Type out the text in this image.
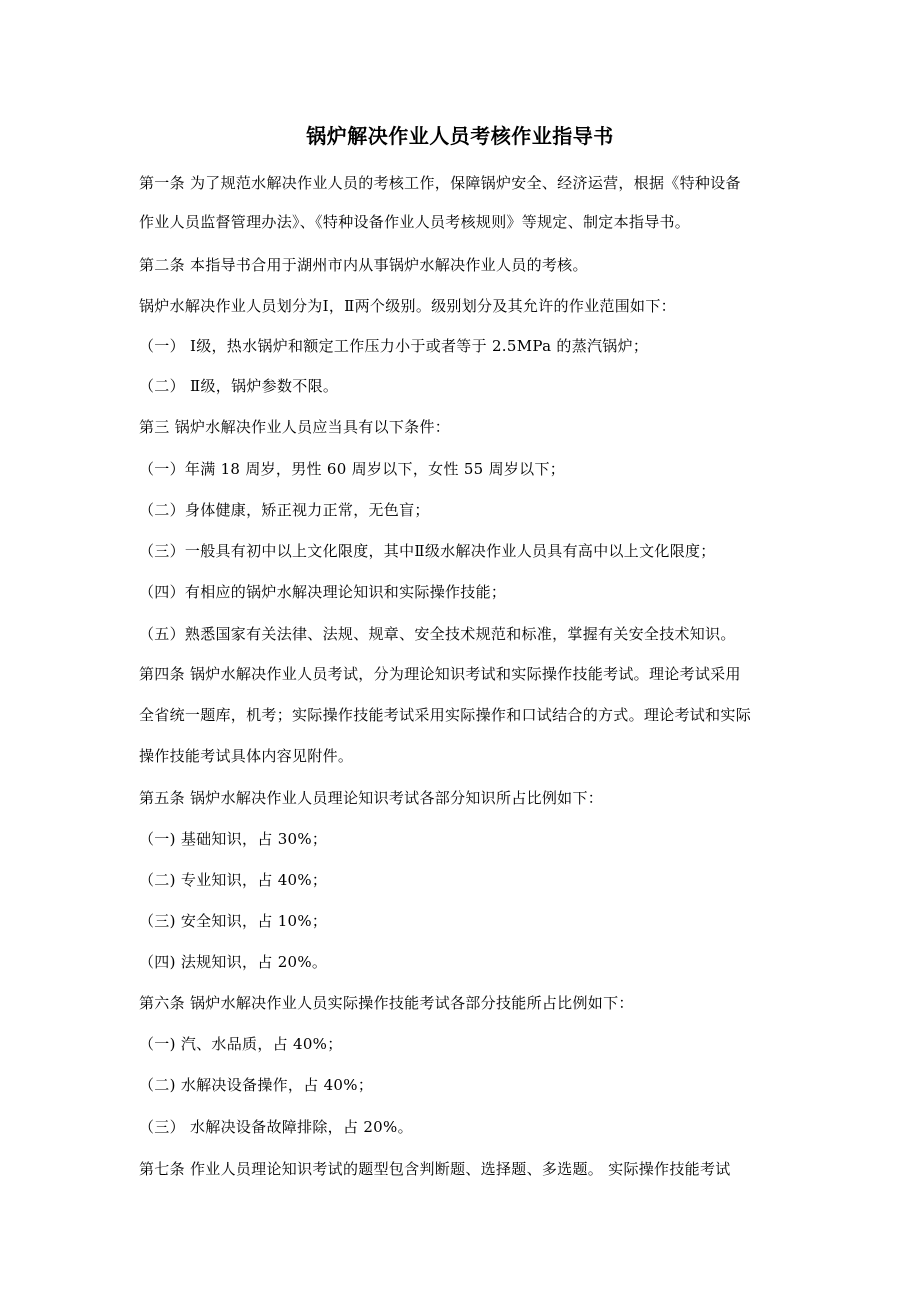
锅炉解决作业人员考核作业指导书
第一条 为了规范水解决作业人员的考核工作，保障锅炉安全、经济运营，根据《特种设备
作业人员监督管理办法》、《特种设备作业人员考核规则》等规定、制定本指导书。
第二条 本指导书合用于湖州市内从事锅炉水解决作业人员的考核。
锅炉水解决作业人员划分为Ⅰ，Ⅱ两个级别。级别划分及其允许的作业范围如下：
（一） Ⅰ级，热水锅炉和额定工作压力小于或者等于 2.5MPa 的蒸汽锅炉；
（二） Ⅱ级，锅炉参数不限。
第三 锅炉水解决作业人员应当具有以下条件：
（一）年满 18 周岁，男性 60 周岁以下，女性 55 周岁以下；
（二）身体健康，矫正视力正常，无色盲；
（三）一般具有初中以上文化限度，其中Ⅱ级水解决作业人员具有高中以上文化限度；
（四）有相应的锅炉水解决理论知识和实际操作技能；
（五）熟悉国家有关法律、法规、规章、安全技术规范和标准，掌握有关安全技术知识。
第四条 锅炉水解决作业人员考试，分为理论知识考试和实际操作技能考试。理论考试采用
全省统一题库，机考；实际操作技能考试采用实际操作和口试结合的方式。理论考试和实际
操作技能考试具体内容见附件。
第五条 锅炉水解决作业人员理论知识考试各部分知识所占比例如下：
（一) 基础知识，占 30%；
（二) 专业知识，占 40%；
（三) 安全知识，占 10%；
（四) 法规知识，占 20%。
第六条 锅炉水解决作业人员实际操作技能考试各部分技能所占比例如下：
（一) 汽、水品质，占 40%；
（二) 水解决设备操作，占 40%；
（三） 水解决设备故障排除，占 20%。
第七条 作业人员理论知识考试的题型包含判断题、选择题、多选题。 实际操作技能考试
